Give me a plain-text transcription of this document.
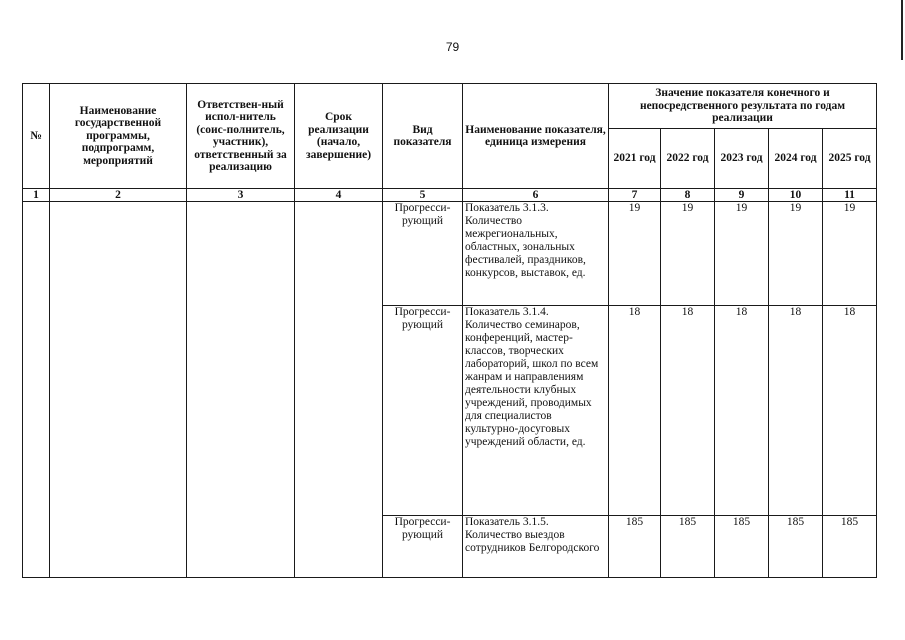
79
№	Наименование государственной программы, подпрограмм, мероприятий	Ответствен-ный испол-нитель (соис-полнитель, участник), ответственный за реализацию	Срок реализации (начало, завершение)	Вид показателя	Наименование показателя, единица измерения	Значение показателя конечного и непосредственного результата по годам реализации				
						2021 год	2022 год	2023 год	2024 год	2025 год
1	2	3	4	5	6	7	8	9	10	11
				Прогресси-рующий	Показатель 3.1.3. Количество межрегиональных, областных, зональных фестивалей, праздников, конкурсов, выставок, ед.	19	19	19	19	19
				Прогресси-рующий	Показатель 3.1.4. Количество семинаров, конференций, мастер-классов, творческих лабораторий, школ по всем жанрам и направлениям деятельности клубных учреждений, проводимых для специалистов культурно-досуговых учреждений области, ед.	18	18	18	18	18
				Прогресси-рующий	Показатель 3.1.5. Количество выездов сотрудников Белгородского	185	185	185	185	185
